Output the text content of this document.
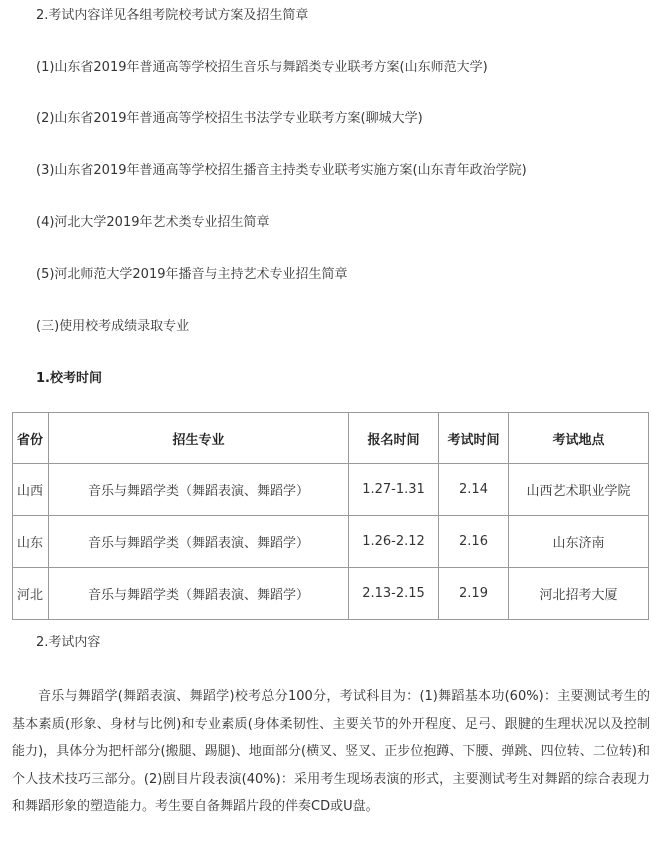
2.考试内容详见各组考院校考试方案及招生简章
(1)山东省2019年普通高等学校招生音乐与舞蹈类专业联考方案(山东师范大学)
(2)山东省2019年普通高等学校招生书法学专业联考方案(聊城大学)
(3)山东省2019年普通高等学校招生播音主持类专业联考实施方案(山东青年政治学院)
(4)河北大学2019年艺术类专业招生简章
(5)河北师范大学2019年播音与主持艺术专业招生简章
(三)使用校考成绩录取专业
1.校考时间
省份	招生专业	报名时间	考试时间	考试地点
山西	音乐与舞蹈学类（舞蹈表演、舞蹈学）	1.27-1.31	2.14	山西艺术职业学院
山东	音乐与舞蹈学类（舞蹈表演、舞蹈学）	1.26-2.12	2.16	山东济南
河北	音乐与舞蹈学类（舞蹈表演、舞蹈学）	2.13-2.15	2.19	河北招考大厦
2.考试内容
音乐与舞蹈学(舞蹈表演、舞蹈学)校考总分100分，考试科目为：(1)舞蹈基本功(60%)：主要测试考生的基本素质(形象、身材与比例)和专业素质(身体柔韧性、主要关节的外开程度、足弓、跟腱的生理状况以及控制能力)，具体分为把杆部分(搬腿、踢腿)、地面部分(横叉、竖叉、正步位抱蹲、下腰、弹跳、四位转、二位转)和个人技术技巧三部分。(2)剧目片段表演(40%)：采用考生现场表演的形式，主要测试考生对舞蹈的综合表现力和舞蹈形象的塑造能力。考生要自备舞蹈片段的伴奏CD或U盘。
